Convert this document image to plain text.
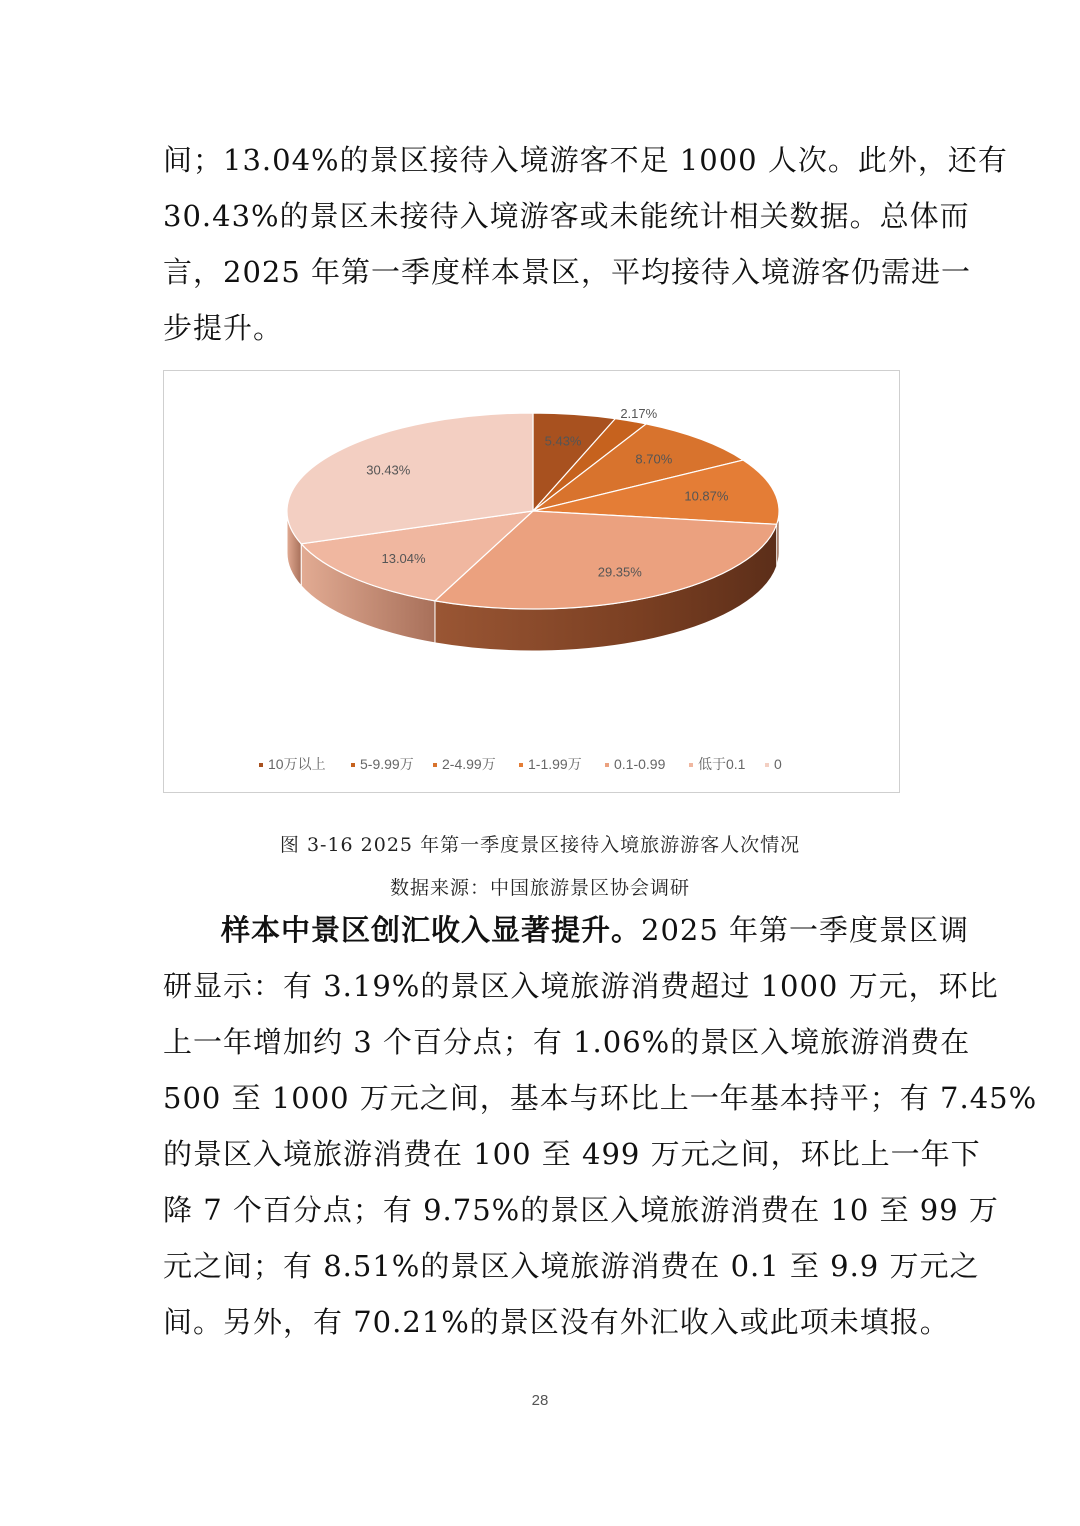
间；13.04%的景区接待入境游客不足 1000 人次。此外，还有
30.43%的景区未接待入境游客或未能统计相关数据。总体而
言，2025 年第一季度样本景区，平均接待入境游客仍需进一
步提升。
5.43%
2.17%
8.70%
10.87%
29.35%
13.04%
30.43%
10万以上 5-9.99万 2-4.99万 1-1.99万 0.1-0.99 低于0.1 0
图 3-16 2025 年第一季度景区接待入境旅游游客人次情况
数据来源：中国旅游景区协会调研
样本中景区创汇收入显著提升。2025 年第一季度景区调
研显示：有 3.19%的景区入境旅游消费超过 1000 万元，环比
上一年增加约 3 个百分点；有 1.06%的景区入境旅游消费在
500 至 1000 万元之间，基本与环比上一年基本持平；有 7.45%
的景区入境旅游消费在 100 至 499 万元之间，环比上一年下
降 7 个百分点；有 9.75%的景区入境旅游消费在 10 至 99 万
元之间；有 8.51%的景区入境旅游消费在 0.1 至 9.9 万元之
间。另外，有 70.21%的景区没有外汇收入或此项未填报。
28
